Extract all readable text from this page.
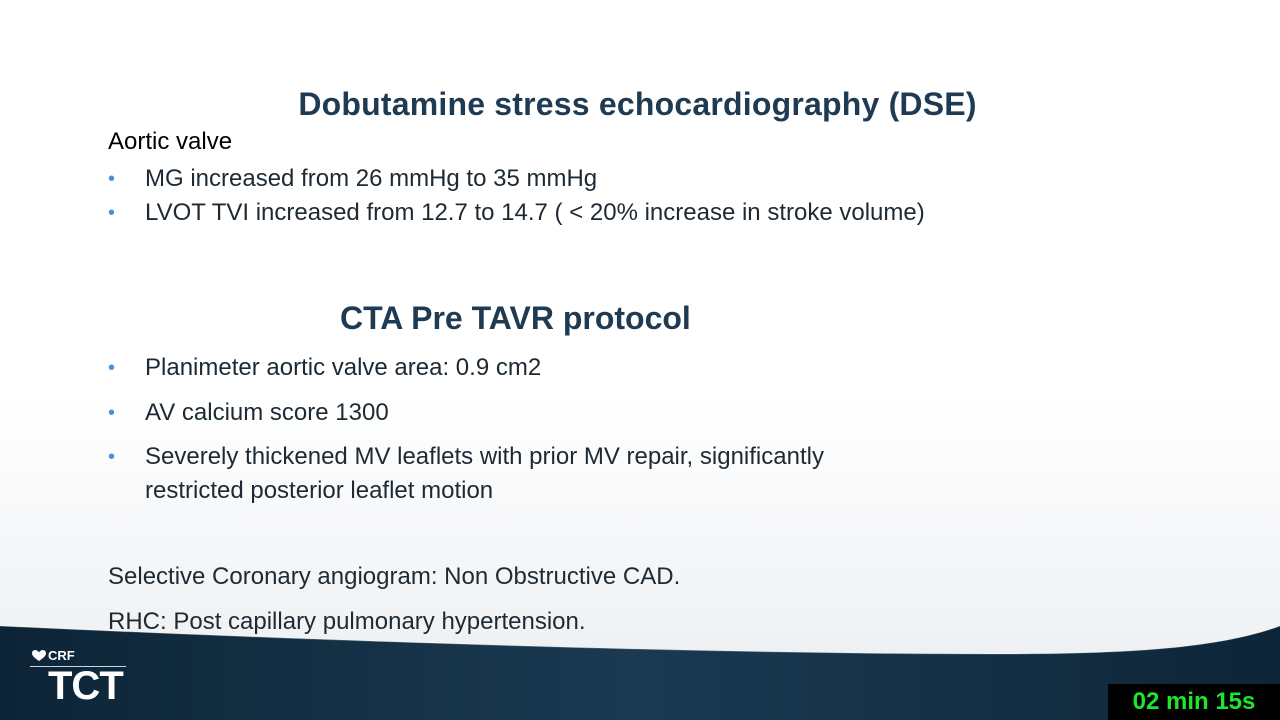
Dobutamine stress echocardiography (DSE)
Aortic valve
• MG increased from 26 mmHg to 35 mmHg
• LVOT TVI increased from 12.7 to 14.7 ( < 20% increase in stroke volume)
CTA Pre TAVR protocol
• Planimeter aortic valve area: 0.9 cm2
• AV calcium score 1300
• Severely thickened MV leaflets with prior MV repair, significantly
restricted posterior leaflet motion
Selective Coronary angiogram: Non Obstructive CAD.
RHC: Post capillary pulmonary hypertension.
CRF
TCT	02 min 15s
